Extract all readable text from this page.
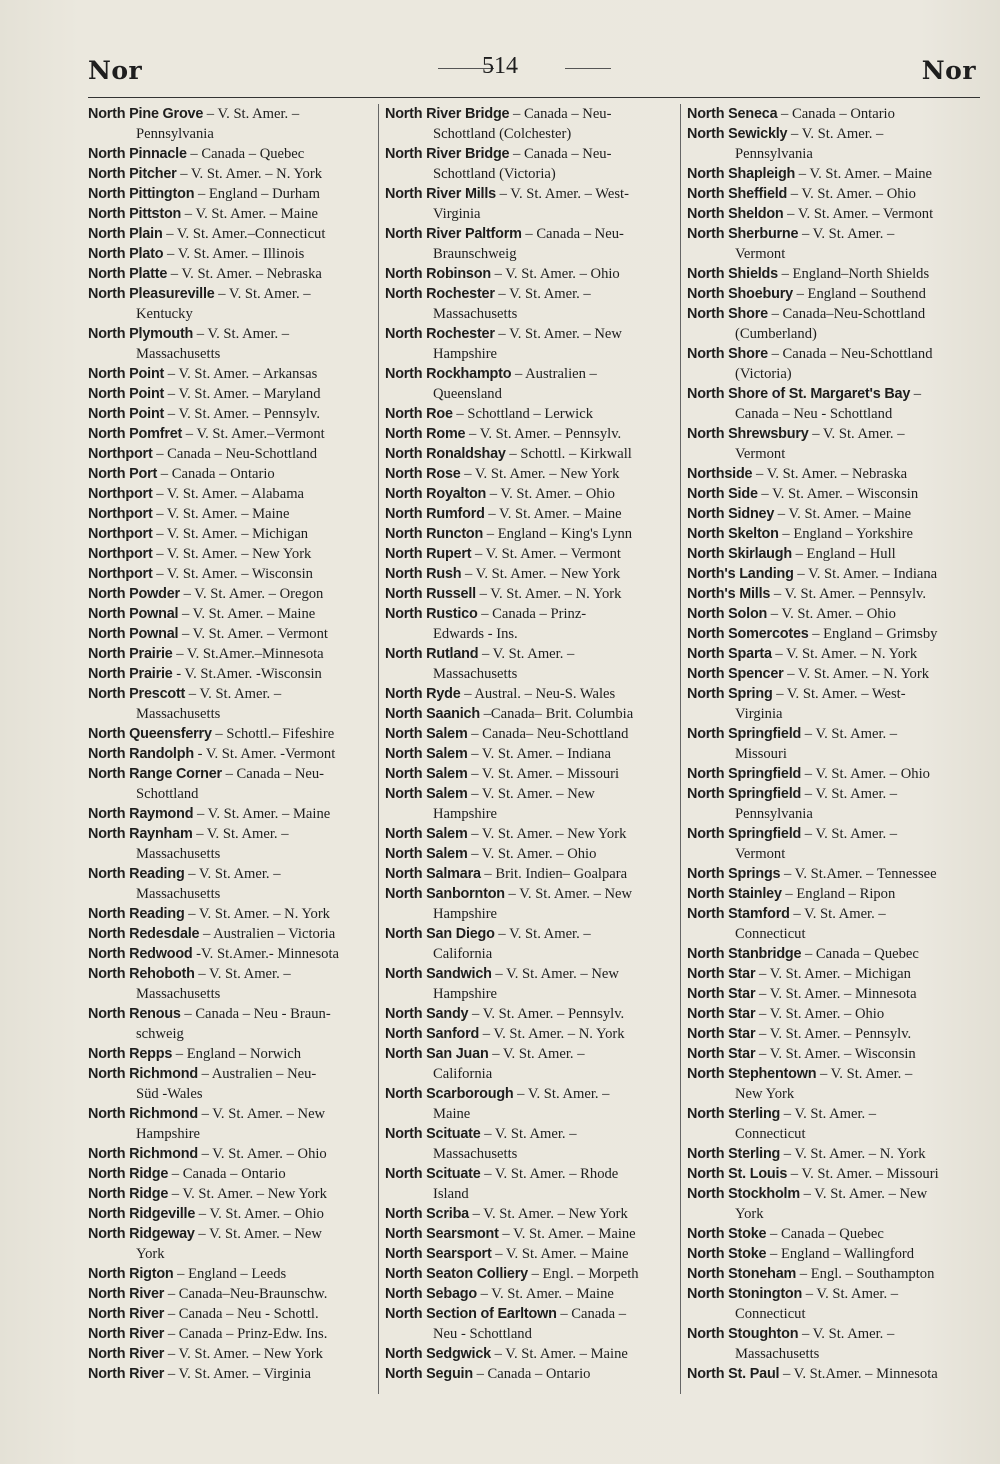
Nor	514	Nor
North Pine Grove – V. St. Amer. –
Pennsylvania
North Pinnacle – Canada – Quebec
North Pitcher – V. St. Amer. – N. York
North Pittington – England – Durham
North Pittston – V. St. Amer. – Maine
North Plain – V. St. Amer.–Connecticut
North Plato – V. St. Amer. – Illinois
North Platte – V. St. Amer. – Nebraska
North Pleasureville – V. St. Amer. –
Kentucky
North Plymouth – V. St. Amer. –
Massachusetts
North Point – V. St. Amer. – Arkansas
North Point – V. St. Amer. – Maryland
North Point – V. St. Amer. – Pennsylv.
North Pomfret – V. St. Amer.–Vermont
Northport – Canada – Neu-Schottland
North Port – Canada – Ontario
Northport – V. St. Amer. – Alabama
Northport – V. St. Amer. – Maine
Northport – V. St. Amer. – Michigan
Northport – V. St. Amer. – New York
Northport – V. St. Amer. – Wisconsin
North Powder – V. St. Amer. – Oregon
North Pownal – V. St. Amer. – Maine
North Pownal – V. St. Amer. – Vermont
North Prairie – V. St.Amer.–Minnesota
North Prairie - V. St.Amer. -Wisconsin
North Prescott – V. St. Amer. –
Massachusetts
North Queensferry – Schottl.– Fifeshire
North Randolph - V. St. Amer. -Vermont
North Range Corner – Canada – Neu-
Schottland
North Raymond – V. St. Amer. – Maine
North Raynham – V. St. Amer. –
Massachusetts
North Reading – V. St. Amer. –
Massachusetts
North Reading – V. St. Amer. – N. York
North Redesdale – Australien – Victoria
North Redwood -V. St.Amer.- Minnesota
North Rehoboth – V. St. Amer. –
Massachusetts
North Renous – Canada – Neu - Braun-
schweig
North Repps – England – Norwich
North Richmond – Australien – Neu-
Süd -Wales
North Richmond – V. St. Amer. – New
Hampshire
North Richmond – V. St. Amer. – Ohio
North Ridge – Canada – Ontario
North Ridge – V. St. Amer. – New York
North Ridgeville – V. St. Amer. – Ohio
North Ridgeway – V. St. Amer. – New
York
North Rigton – England – Leeds
North River – Canada–Neu-Braunschw.
North River – Canada – Neu - Schottl.
North River – Canada – Prinz-Edw. Ins.
North River – V. St. Amer. – New York
North River – V. St. Amer. – Virginia
North River Bridge – Canada – Neu-
Schottland (Colchester)
North River Bridge – Canada – Neu-
Schottland (Victoria)
North River Mills – V. St. Amer. – West-
Virginia
North River Paltform – Canada – Neu-
Braunschweig
North Robinson – V. St. Amer. – Ohio
North Rochester – V. St. Amer. –
Massachusetts
North Rochester – V. St. Amer. – New
Hampshire
North Rockhampto – Australien –
Queensland
North Roe – Schottland – Lerwick
North Rome – V. St. Amer. – Pennsylv.
North Ronaldshay – Schottl. – Kirkwall
North Rose – V. St. Amer. – New York
North Royalton – V. St. Amer. – Ohio
North Rumford – V. St. Amer. – Maine
North Runcton – England – King's Lynn
North Rupert – V. St. Amer. – Vermont
North Rush – V. St. Amer. – New York
North Russell – V. St. Amer. – N. York
North Rustico – Canada – Prinz-
Edwards - Ins.
North Rutland – V. St. Amer. –
Massachusetts
North Ryde – Austral. – Neu-S. Wales
North Saanich –Canada– Brit. Columbia
North Salem – Canada– Neu-Schottland
North Salem – V. St. Amer. – Indiana
North Salem – V. St. Amer. – Missouri
North Salem – V. St. Amer. – New
Hampshire
North Salem – V. St. Amer. – New York
North Salem – V. St. Amer. – Ohio
North Salmara – Brit. Indien– Goalpara
North Sanbornton – V. St. Amer. – New
Hampshire
North San Diego – V. St. Amer. –
California
North Sandwich – V. St. Amer. – New
Hampshire
North Sandy – V. St. Amer. – Pennsylv.
North Sanford – V. St. Amer. – N. York
North San Juan – V. St. Amer. –
California
North Scarborough – V. St. Amer. –
Maine
North Scituate – V. St. Amer. –
Massachusetts
North Scituate – V. St. Amer. – Rhode
Island
North Scriba – V. St. Amer. – New York
North Searsmont – V. St. Amer. – Maine
North Searsport – V. St. Amer. – Maine
North Seaton Colliery – Engl. – Morpeth
North Sebago – V. St. Amer. – Maine
North Section of Earltown – Canada –
Neu - Schottland
North Sedgwick – V. St. Amer. – Maine
North Seguin – Canada – Ontario
North Seneca – Canada – Ontario
North Sewickly – V. St. Amer. –
Pennsylvania
North Shapleigh – V. St. Amer. – Maine
North Sheffield – V. St. Amer. – Ohio
North Sheldon – V. St. Amer. – Vermont
North Sherburne – V. St. Amer. –
Vermont
North Shields – England–North Shields
North Shoebury – England – Southend
North Shore – Canada–Neu-Schottland
(Cumberland)
North Shore – Canada – Neu-Schottland
(Victoria)
North Shore of St. Margaret's Bay –
Canada – Neu - Schottland
North Shrewsbury – V. St. Amer. –
Vermont
Northside – V. St. Amer. – Nebraska
North Side – V. St. Amer. – Wisconsin
North Sidney – V. St. Amer. – Maine
North Skelton – England – Yorkshire
North Skirlaugh – England – Hull
North's Landing – V. St. Amer. – Indiana
North's Mills – V. St. Amer. – Pennsylv.
North Solon – V. St. Amer. – Ohio
North Somercotes – England – Grimsby
North Sparta – V. St. Amer. – N. York
North Spencer – V. St. Amer. – N. York
North Spring – V. St. Amer. – West-
Virginia
North Springfield – V. St. Amer. –
Missouri
North Springfield – V. St. Amer. – Ohio
North Springfield – V. St. Amer. –
Pennsylvania
North Springfield – V. St. Amer. –
Vermont
North Springs – V. St.Amer. – Tennessee
North Stainley – England – Ripon
North Stamford – V. St. Amer. –
Connecticut
North Stanbridge – Canada – Quebec
North Star – V. St. Amer. – Michigan
North Star – V. St. Amer. – Minnesota
North Star – V. St. Amer. – Ohio
North Star – V. St. Amer. – Pennsylv.
North Star – V. St. Amer. – Wisconsin
North Stephentown – V. St. Amer. –
New York
North Sterling – V. St. Amer. –
Connecticut
North Sterling – V. St. Amer. – N. York
North St. Louis – V. St. Amer. – Missouri
North Stockholm – V. St. Amer. – New
York
North Stoke – Canada – Quebec
North Stoke – England – Wallingford
North Stoneham – Engl. – Southampton
North Stonington – V. St. Amer. –
Connecticut
North Stoughton – V. St. Amer. –
Massachusetts
North St. Paul – V. St.Amer. – Minnesota
